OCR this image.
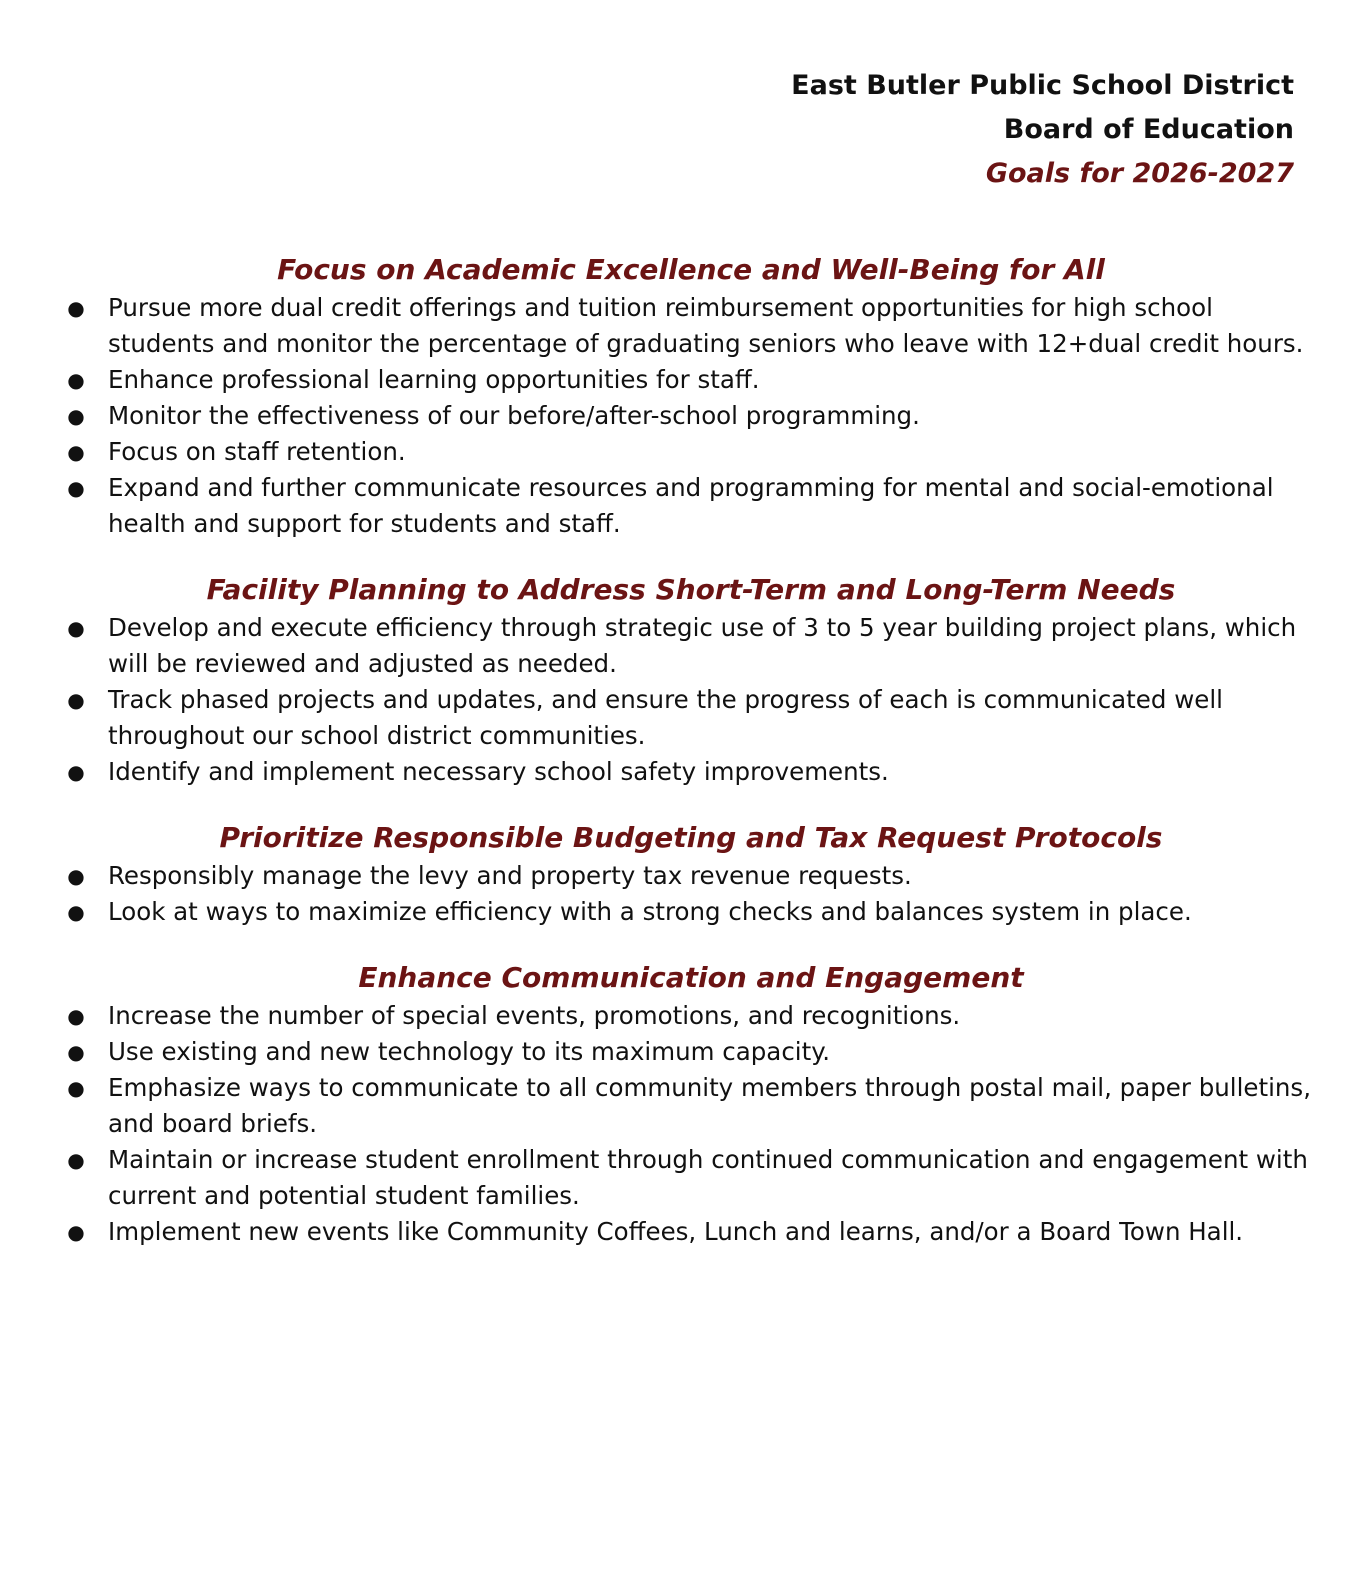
East Butler Public School District
Board of Education
Goals for 2026-2027
Focus on Academic Excellence and Well-Being for All
● Pursue more dual credit offerings and tuition reimbursement opportunities for high school students and monitor the percentage of graduating seniors who leave with 12+dual credit hours.
● Enhance professional learning opportunities for staff.
● Monitor the effectiveness of our before/after-school programming.
● Focus on staff retention.
● Expand and further communicate resources and programming for mental and social-emotional health and support for students and staff.
Facility Planning to Address Short-Term and Long-Term Needs
● Develop and execute efficiency through strategic use of 3 to 5 year building project plans, which will be reviewed and adjusted as needed.
● Track phased projects and updates, and ensure the progress of each is communicated well throughout our school district communities.
● Identify and implement necessary school safety improvements.
Prioritize Responsible Budgeting and Tax Request Protocols
● Responsibly manage the levy and property tax revenue requests.
● Look at ways to maximize efficiency with a strong checks and balances system in place.
Enhance Communication and Engagement
● Increase the number of special events, promotions, and recognitions.
● Use existing and new technology to its maximum capacity.
● Emphasize ways to communicate to all community members through postal mail, paper bulletins, and board briefs.
● Maintain or increase student enrollment through continued communication and engagement with current and potential student families.
● Implement new events like Community Coffees, Lunch and learns, and/or a Board Town Hall.
